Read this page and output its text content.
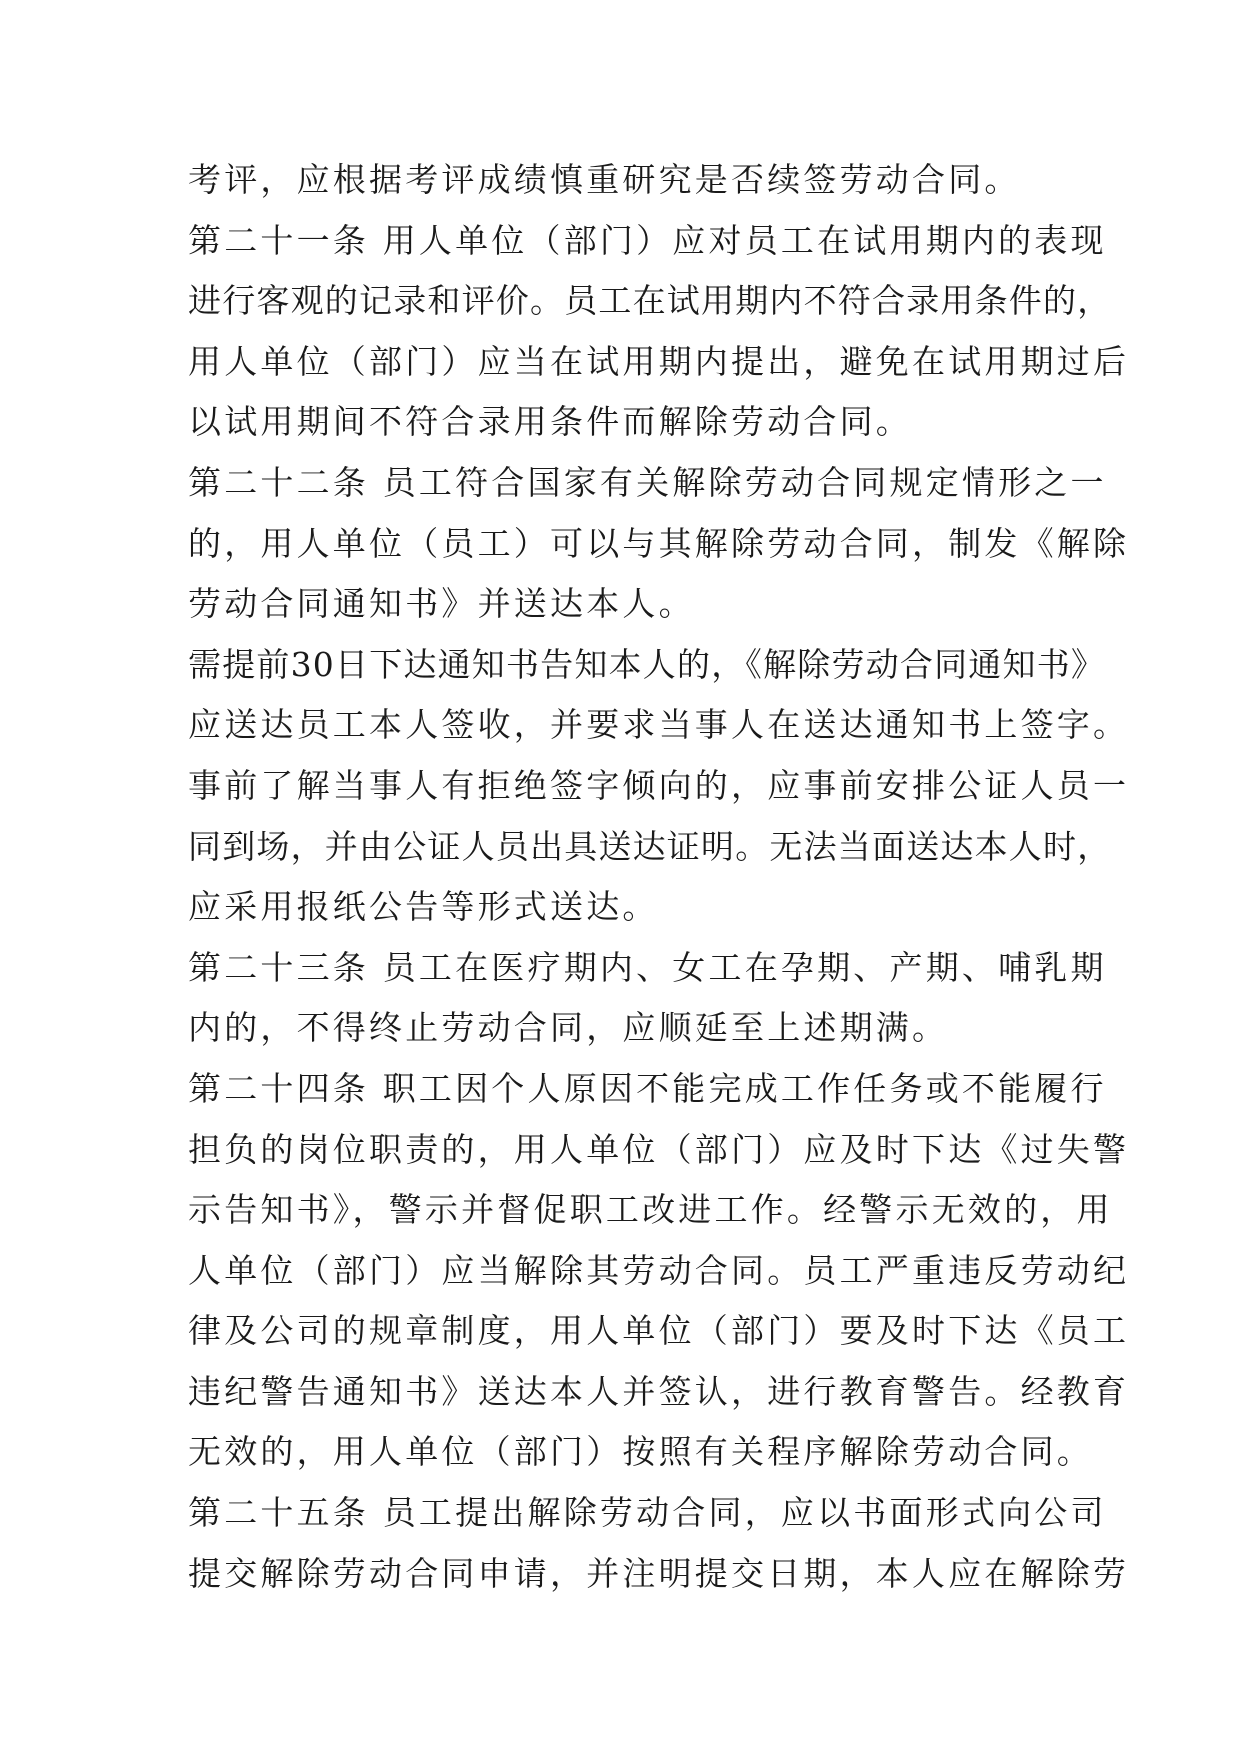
考评，应根据考评成绩慎重研究是否续签劳动合同。
第二十一条 用人单位（部门）应对员工在试用期内的表现
进行客观的记录和评价。员工在试用期内不符合录用条件的，
用人单位（部门）应当在试用期内提出，避免在试用期过后
以试用期间不符合录用条件而解除劳动合同。
第二十二条 员工符合国家有关解除劳动合同规定情形之一
的，用人单位（员工）可以与其解除劳动合同，制发《解除
劳动合同通知书》并送达本人。
需提前30日下达通知书告知本人的，《解除劳动合同通知书》
应送达员工本人签收，并要求当事人在送达通知书上签字。
事前了解当事人有拒绝签字倾向的，应事前安排公证人员一
同到场，并由公证人员出具送达证明。无法当面送达本人时，
应采用报纸公告等形式送达。
第二十三条 员工在医疗期内、女工在孕期、产期、哺乳期
内的，不得终止劳动合同，应顺延至上述期满。
第二十四条 职工因个人原因不能完成工作任务或不能履行
担负的岗位职责的，用人单位（部门）应及时下达《过失警
示告知书》，警示并督促职工改进工作。经警示无效的，用
人单位（部门）应当解除其劳动合同。员工严重违反劳动纪
律及公司的规章制度，用人单位（部门）要及时下达《员工
违纪警告通知书》送达本人并签认，进行教育警告。经教育
无效的，用人单位（部门）按照有关程序解除劳动合同。
第二十五条 员工提出解除劳动合同，应以书面形式向公司
提交解除劳动合同申请，并注明提交日期，本人应在解除劳
